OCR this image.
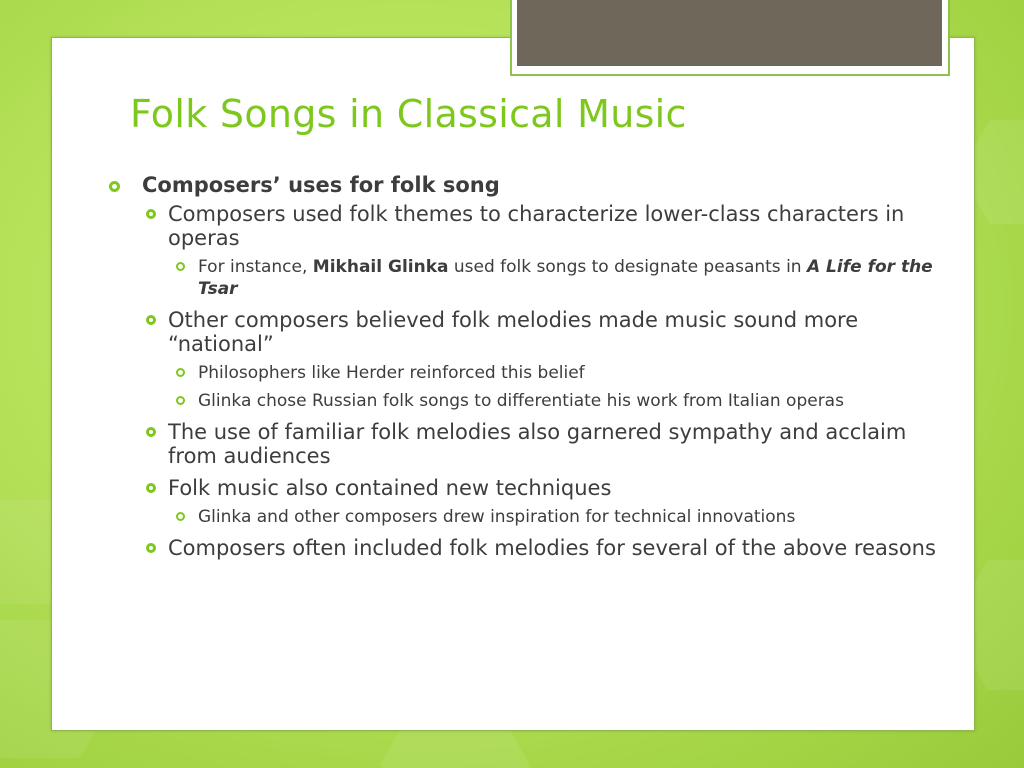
Folk Songs in Classical Music

Composers’ uses for folk song

Composers used folk themes to characterize lower-class characters in operas

For instance, Mikhail Glinka used folk songs to designate peasants in A Life for the Tsar

Other composers believed folk melodies made music sound more “national”

Philosophers like Herder reinforced this belief

Glinka chose Russian folk songs to differentiate his work from Italian operas

The use of familiar folk melodies also garnered sympathy and acclaim from audiences

Folk music also contained new techniques

Glinka and other composers drew inspiration for technical innovations

Composers often included folk melodies for several of the above reasons
